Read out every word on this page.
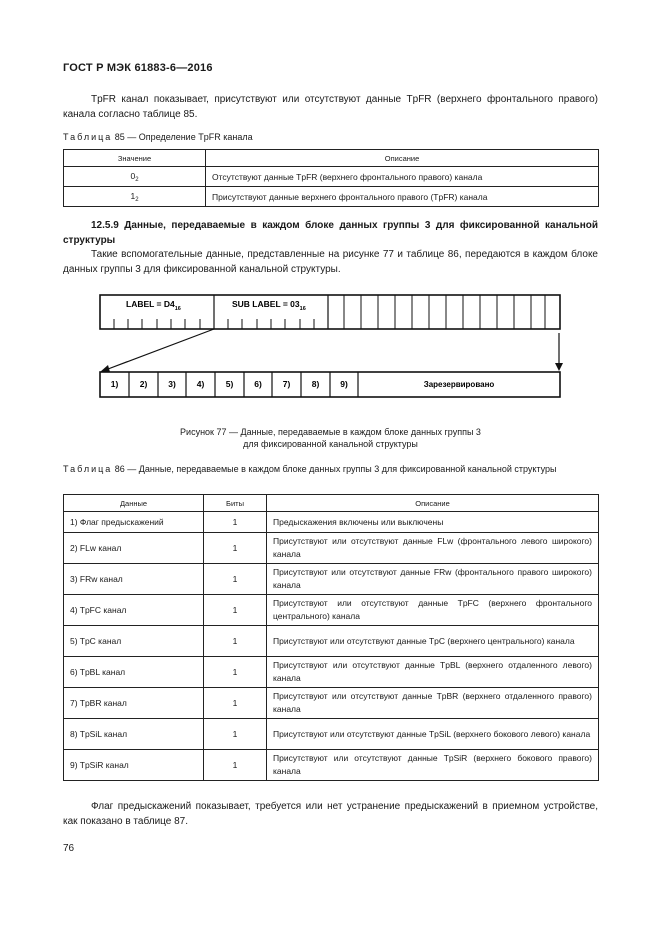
ГОСТ Р МЭК 61883-6—2016
TpFR канал показывает, присутствуют или отсутствуют данные TpFR (верхнего фронтального правого) канала согласно таблице 85.
Таблица 85 — Определение TpFR канала
Значение	Описание
$0_2$	Отсутствуют данные TpFR (верхнего фронтального правого) канала
$1_2$	Присутствуют данные верхнего фронтального правого (TpFR) канала
12.5.9 Данные, передаваемые в каждом блоке данных группы 3 для фиксированной канальной структуры
Такие вспомогательные данные, представленные на рисунке 77 и таблице 86, передаются в каждом блоке данных группы 3 для фиксированной канальной структуры.
LABEL = $D4_{16}$	SUB LABEL = $03_{16}$
1)	2) 3) 4)	5) 6) 7)	8) 9)	Зарезервировано
Рисунок 77 — Данные, передаваемые в каждом блоке данных группы 3
для фиксированной канальной структуры
Таблица 86 — Данные, передаваемые в каждом блоке данных группы 3 для фиксированной канальной структуры
Данные	Биты	Описание
1) Флаг предыскажений	1	Предыскажения включены или выключены
2) FLw канал	1	Присутствуют или отсутствуют данные FLw (фронтального левого широкого) канала
3) FRw канал	1	Присутствуют или отсутствуют данные FRw (фронтального правого широкого) канала
4) TpFC канал	1	Присутствуют или отсутствуют данные TpFC (верхнего фронтального центрального) канала
5) TpC канал	1	Присутствуют или отсутствуют данные TpC (верхнего центрального) канала
6) TpBL канал	1	Присутствуют или отсутствуют данные TpBL (верхнего отдаленного левого) канала
7) TpBR канал	1	Присутствуют или отсутствуют данные TpBR (верхнего отдаленного правого) канала
8) TpSiL канал	1	Присутствуют или отсутствуют данные TpSiL (верхнего бокового левого) канала
9) TpSiR канал	1	Присутствуют или отсутствуют данные TpSiR (верхнего бокового правого) канала
Флаг предыскажений показывает, требуется или нет устранение предыскажений в приемном устройстве, как показано в таблице 87.
76
